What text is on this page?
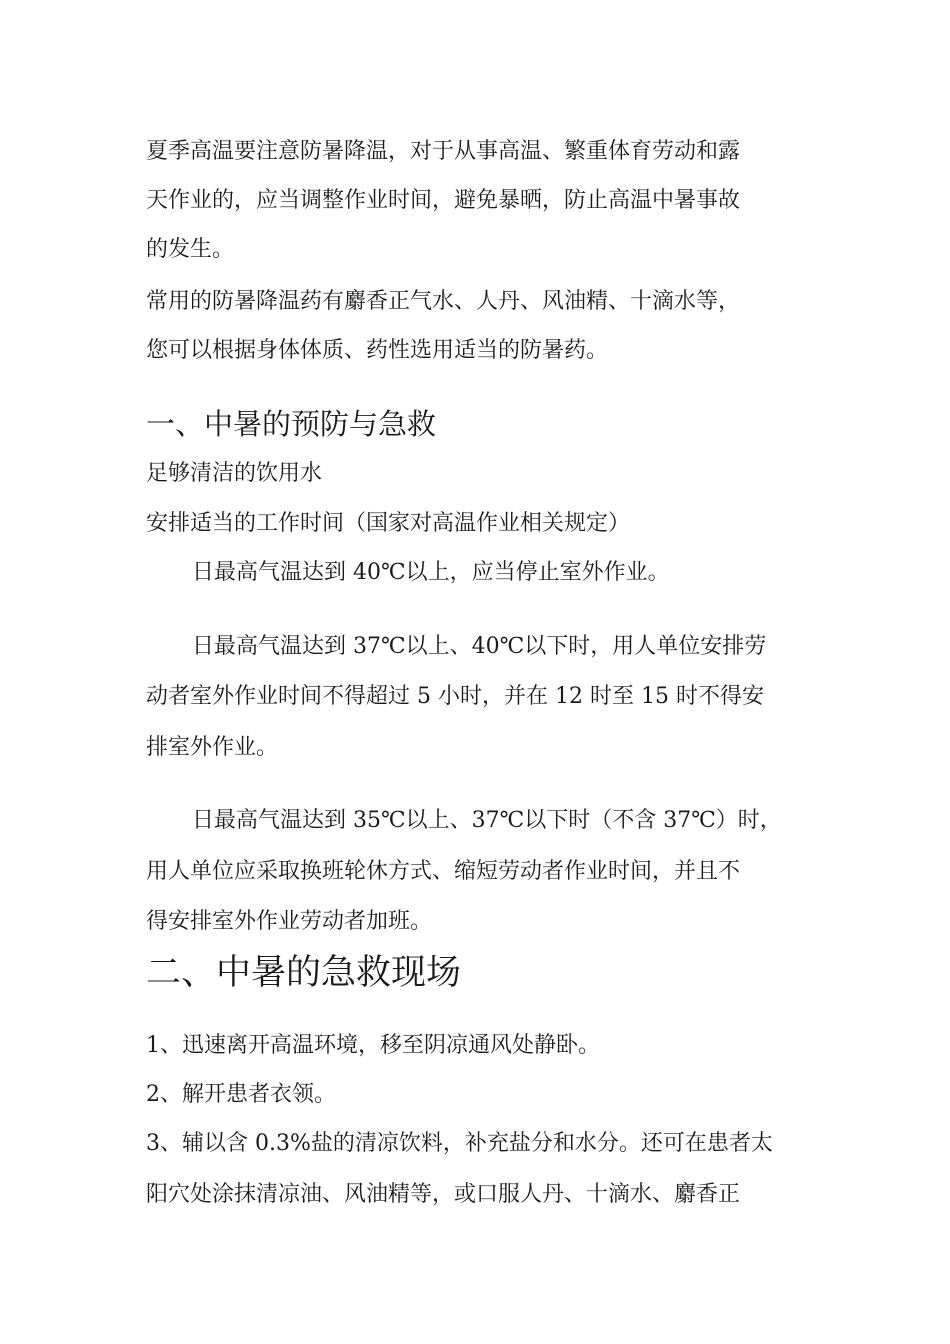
夏季高温要注意防暑降温，对于从事高温、繁重体育劳动和露
天作业的，应当调整作业时间，避免暴晒，防止高温中暑事故
的发生。
常用的防暑降温药有麝香正气水、人丹、风油精、十滴水等，
您可以根据身体体质、药性选用适当的防暑药。
一、中暑的预防与急救
足够清洁的饮用水
安排适当的工作时间（国家对高温作业相关规定）
日最高气温达到 40℃以上，应当停止室外作业。
日最高气温达到 37℃以上、40℃以下时，用人单位安排劳
动者室外作业时间不得超过 5 小时，并在 12 时至 15 时不得安
排室外作业。
日最高气温达到 35℃以上、37℃以下时（不含 37℃）时，
用人单位应采取换班轮休方式、缩短劳动者作业时间，并且不
得安排室外作业劳动者加班。
二、中暑的急救现场
1、迅速离开高温环境，移至阴凉通风处静卧。
2、解开患者衣领。
3、辅以含 0.3%盐的清凉饮料，补充盐分和水分。还可在患者太
阳穴处涂抹清凉油、风油精等，或口服人丹、十滴水、麝香正
